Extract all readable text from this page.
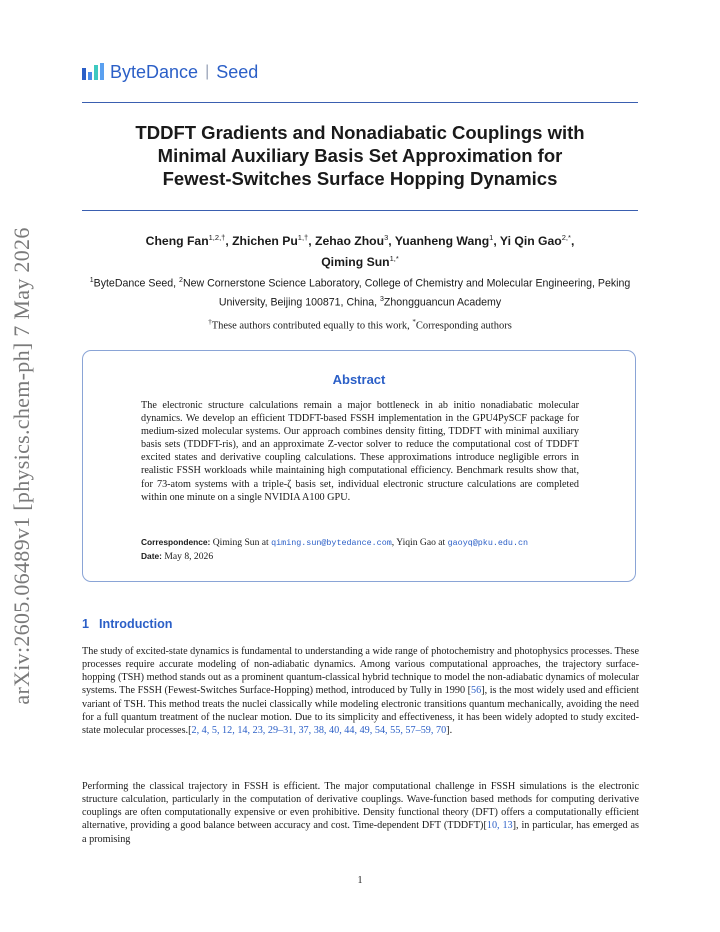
arXiv:2605.06489v1 [physics.chem-ph] 7 May 2026
ByteDance | Seed
TDDFT Gradients and Nonadiabatic Couplings with
Minimal Auxiliary Basis Set Approximation for
Fewest-Switches Surface Hopping Dynamics
Cheng Fan$^{1,2,\dagger}$, Zhichen $Pu^{1,\dagger}$, Zehao Zhou$^3$, Yuanheng Wang$^1$, Yi Qin Gao$^{2,*}$,
Qiming Sun$^{1,*}$
$^1$ByteDance Seed, $^2$New Cornerstone Science Laboratory, College of Chemistry and Molecular Engineering, Peking University, Beijing 100871, China, $^3$Zhongguancun Academy
†These authors contributed equally to this work, *Corresponding authors
Abstract

The electronic structure calculations remain a major bottleneck in ab initio nonadiabatic molecular dynamics. We develop an efficient TDDFT-based FSSH implementation in the GPU4PySCF package for medium-sized molecular systems. Our approach combines density fitting, TDDFT with minimal auxiliary basis sets (TDDFT-ris), and an approximate Z-vector solver to reduce the computational cost of TDDFT excited states and derivative coupling calculations. These approximations introduce negligible errors in realistic FSSH workloads while maintaining high computational efficiency. Benchmark results show that, for 73-atom systems with a triple-ζ basis set, individual electronic structure calculations are completed within one minute on a single NVIDIA A100 GPU.

Correspondence: Qiming Sun at qiming.sun@bytedance.com, Yiqin Gao at gaoyq@pku.edu.cn
Date: May 8, 2026
1 Introduction

The study of excited-state dynamics is fundamental to understanding a wide range of photochemistry and photophysics processes. These processes require accurate modeling of non-adiabatic dynamics. Among various computational approaches, the trajectory surface-hopping (TSH) method stands out as a prominent quantum-classical hybrid technique to model the non-adiabatic dynamics of molecular systems. The FSSH (Fewest-Switches Surface-Hopping) method, introduced by Tully in 1990 [56], is the most widely used and efficient variant of TSH. This method treats the nuclei classically while modeling electronic transitions quantum mechanically, avoiding the need for a full quantum treatment of the nuclear motion. Due to its simplicity and effectiveness, it has been widely adopted to study excited-state molecular processes.[2, 4, 5, 12, 14, 23, 29–31, 37, 38, 40, 44, 49, 54, 55, 57–59, 70].

Performing the classical trajectory in FSSH is efficient. The major computational challenge in FSSH simulations is the electronic structure calculation, particularly in the computation of derivative couplings. Wave-function based methods for computing derivative couplings are often computationally expensive or even prohibitive. Density functional theory (DFT) offers a computationally efficient alternative, providing a good balance between accuracy and cost. Time-dependent DFT (TDDFT)[10, 13], in particular, has emerged as a promising

1
